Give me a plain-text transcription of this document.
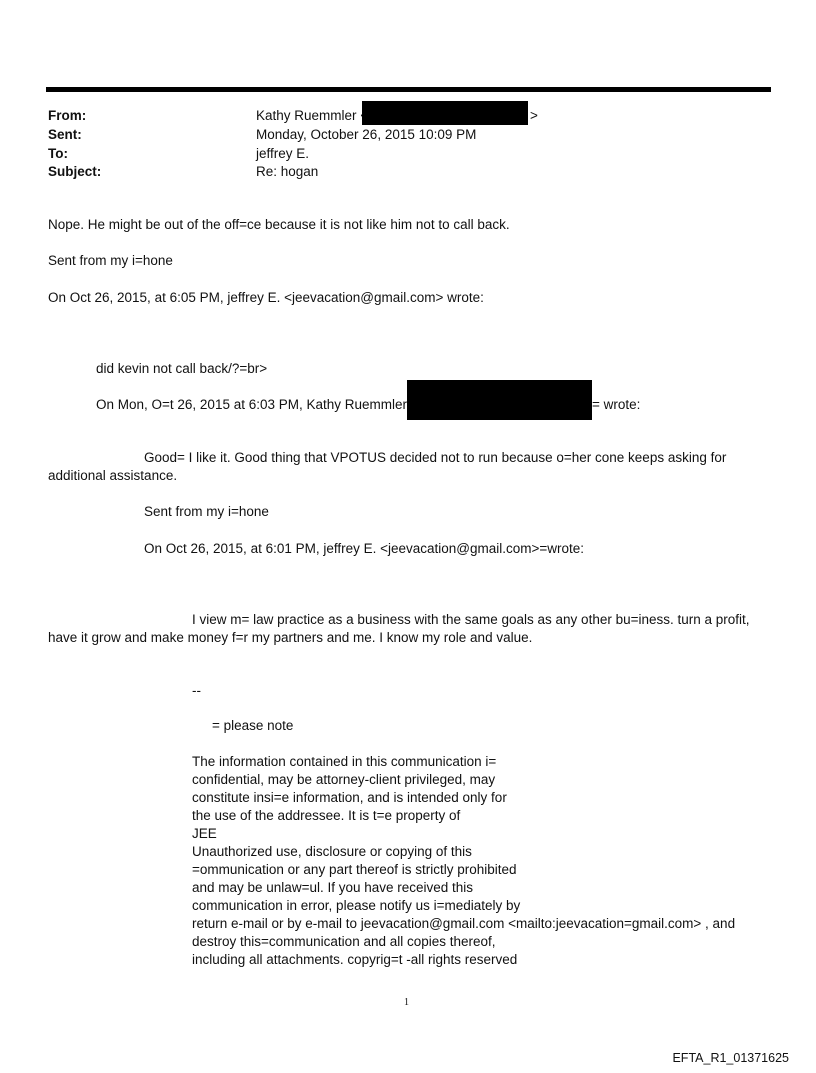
From:	Kathy Ruemmler	>
Sent:	Monday, October 26, 2015 10:09 PM
To:	jeffrey E.
Subject:	Re: hogan
Nope. He might be out of the off=ce because it is not like him not to call back.
Sent from my i=hone
On Oct 26, 2015, at 6:05 PM, jeffrey E. <jeevacation@gmail.com> wrote:
did kevin not call back/?=br>
On Mon, O=t 26, 2015 at 6:03 PM, Kathy Ruemmler	= wrote:
Good= I like it. Good thing that VPOTUS decided not to run because o=her cone keeps asking for
additional assistance.
Sent from my i=hone
On Oct 26, 2015, at 6:01 PM, jeffrey E. <jeevacation@gmail.com>=wrote:
I view m= law practice as a business with the same goals as any other bu=iness. turn a profit,
have it grow and make money f=r my partners and me. I know my role and value.
--
= please note
The information contained in this communication i=
confidential, may be attorney-client privileged, may
constitute insi=e information, and is intended only for
the use of the addressee. It is t=e property of
JEE
Unauthorized use, disclosure or copying of this
=ommunication or any part thereof is strictly prohibited
and may be unlaw=ul. If you have received this
communication in error, please notify us i=mediately by
return e-mail or by e-mail to jeevacation@gmail.com <mailto:jeevacation=gmail.com> , and
destroy this=communication and all copies thereof,
including all attachments. copyrig=t -all rights reserved
1
EFTA_R1_01371625
